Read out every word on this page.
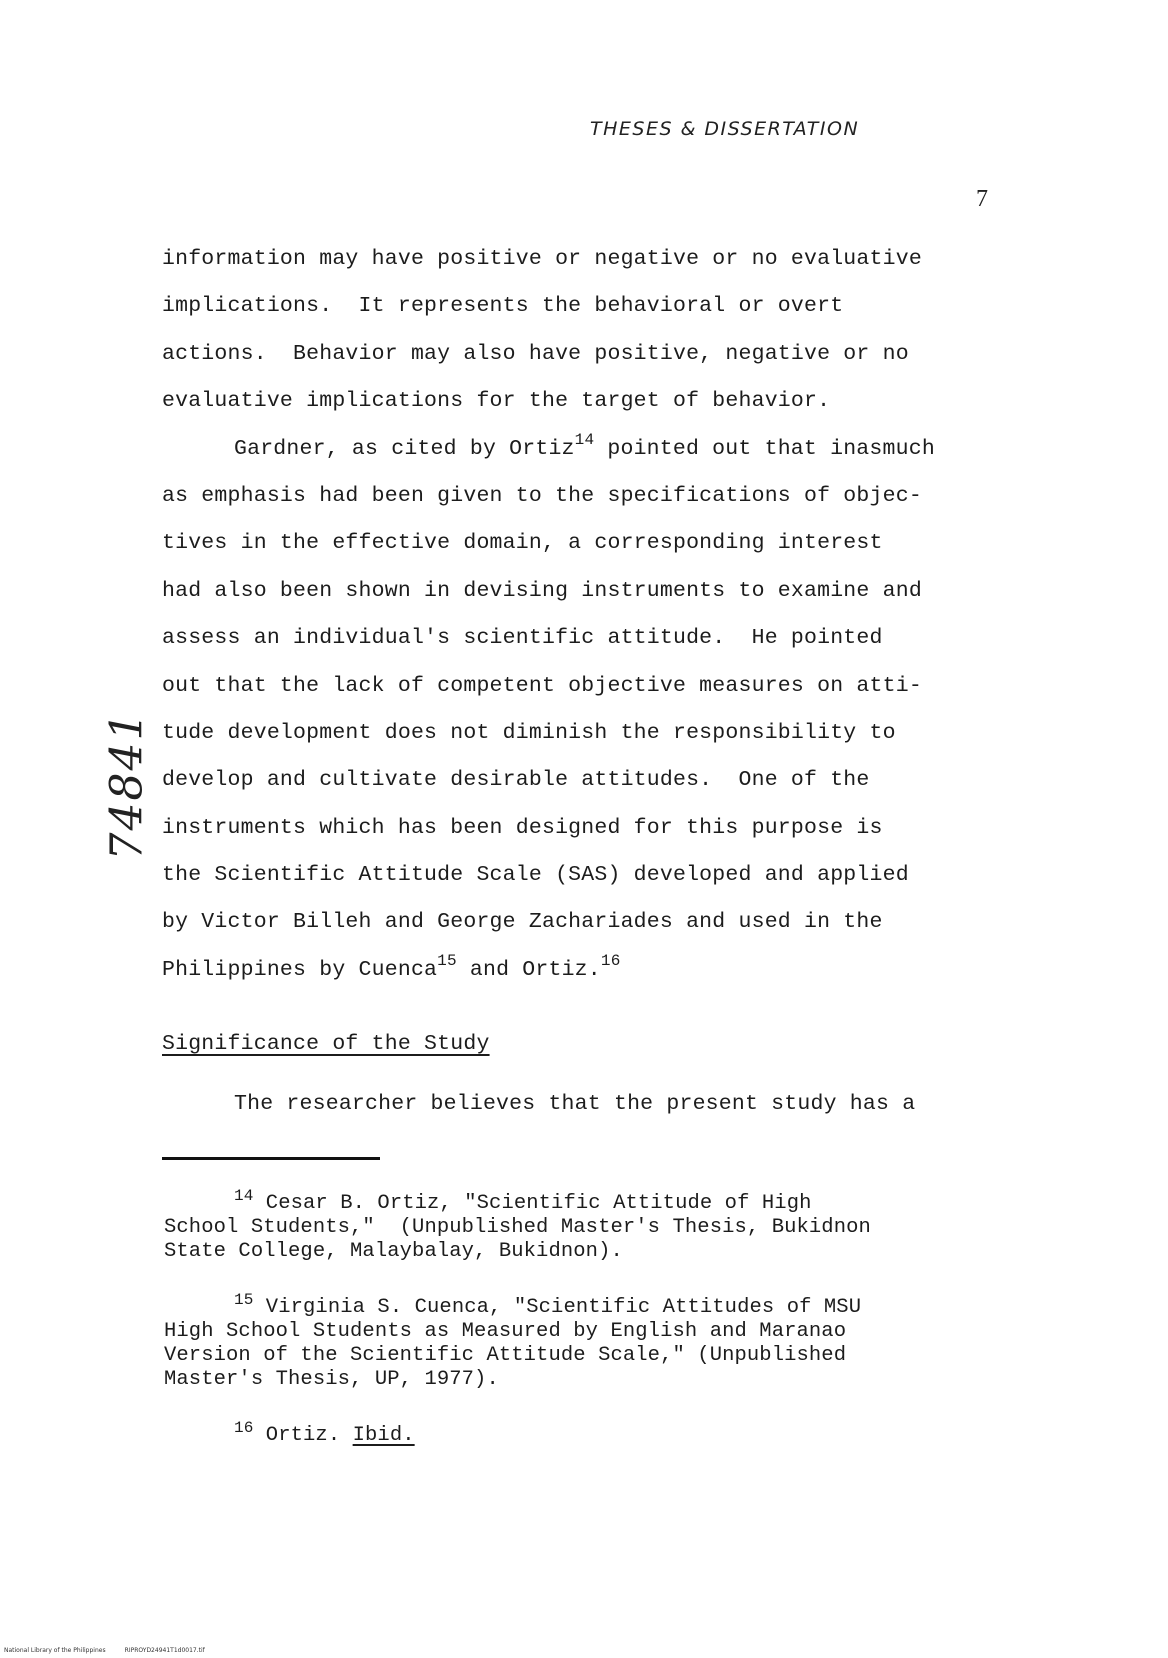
THESES & DISSERTATION
7
74841
information may have positive or negative or no evaluative
implications.  It represents the behavioral or overt
actions.  Behavior may also have positive, negative or no
evaluative implications for the target of behavior.
Gardner, as cited by Ortiz$^{14}$ pointed out that inasmuch
as emphasis had been given to the specifications of objec-
tives in the effective domain, a corresponding interest
had also been shown in devising instruments to examine and
assess an individual's scientific attitude.  He pointed
out that the lack of competent objective measures on atti-
tude development does not diminish the responsibility to
develop and cultivate desirable attitudes.  One of the
instruments which has been designed for this purpose is
the Scientific Attitude Scale (SAS) developed and applied
by Victor Billeh and George Zachariades and used in the
Philippines by Cuenca$^{15}$ and Ortiz.$^{16}$
Significance of the Study
The researcher believes that the present study has a
$^{14}$ Cesar B. Ortiz, "Scientific Attitude of High
School Students,"  (Unpublished Master's Thesis, Bukidnon
State College, Malaybalay, Bukidnon).
$^{15}$ Virginia S. Cuenca, "Scientific Attitudes of MSU
High School Students as Measured by English and Maranao
Version of the Scientific Attitude Scale," (Unpublished
Master's Thesis, UP, 1977).
$^{16}$ Ortiz. Ibid.
National Library of the Philippines	RIPROYD24941T1d0017.tif
